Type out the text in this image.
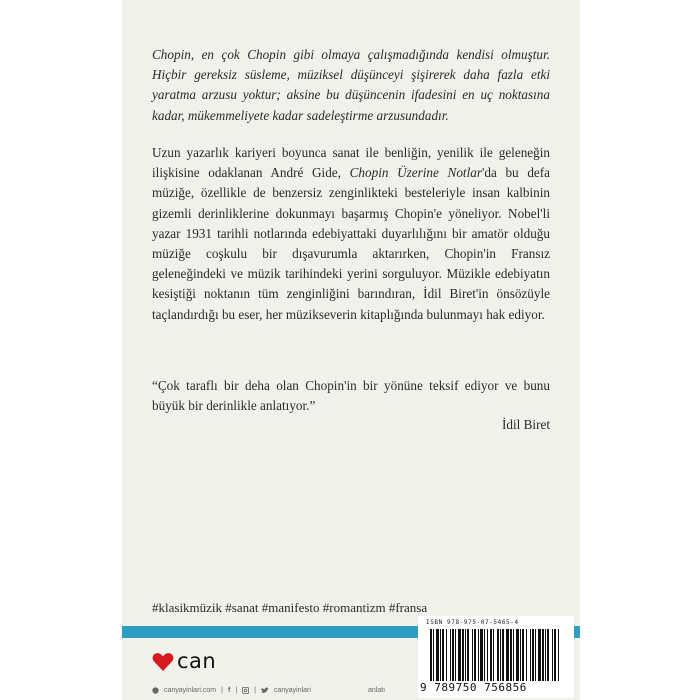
Chopin, en çok Chopin gibi olmaya çalışmadığında kendisi olmuştur. Hiçbir gereksiz süsleme, müziksel düşünceyi şişirerek daha fazla etki yaratma arzusu yoktur; aksine bu düşüncenin ifadesini en uç noktasına kadar, mükemmeliyete kadar sadeleştirme arzusundadır.

Uzun yazarlık kariyeri boyunca sanat ile benliğin, yenilik ile geleneğin ilişkisine odaklanan André Gide, Chopin Üzerine Notlar'da bu defa müziğe, özellikle de benzersiz zenginlikteki besteleriyle insan kalbinin gizemli derinliklerine dokunmayı başarmış Chopin'e yöneliyor. Nobel'li yazar 1931 tarihli notlarında edebiyattaki duyarlılığını bir amatör olduğu müziğe coşkulu bir dışavurumla aktarırken, Chopin'in Fransız geleneğindeki ve müzik tarihindeki yerini sorguluyor. Müzikle edebiyatın kesiştiği noktanın tüm zenginliğini barındıran, İdil Biret'in önsözüyle taçlandırdığı bu eser, her müzikseverin kitaplığında bulunmayı hak ediyor.

“Çok taraflı bir deha olan Chopin'in bir yönüne teksif ediyor ve bunu büyük bir derinlikle anlatıyor.”

İdil Biret
#klasikmüzik #sanat #manifesto #romantizm #fransa
ISBN 978-975-07-5465-4
9 789750 756856
can
canyayinlari.com | f | |	canyayinlari	anlatı
